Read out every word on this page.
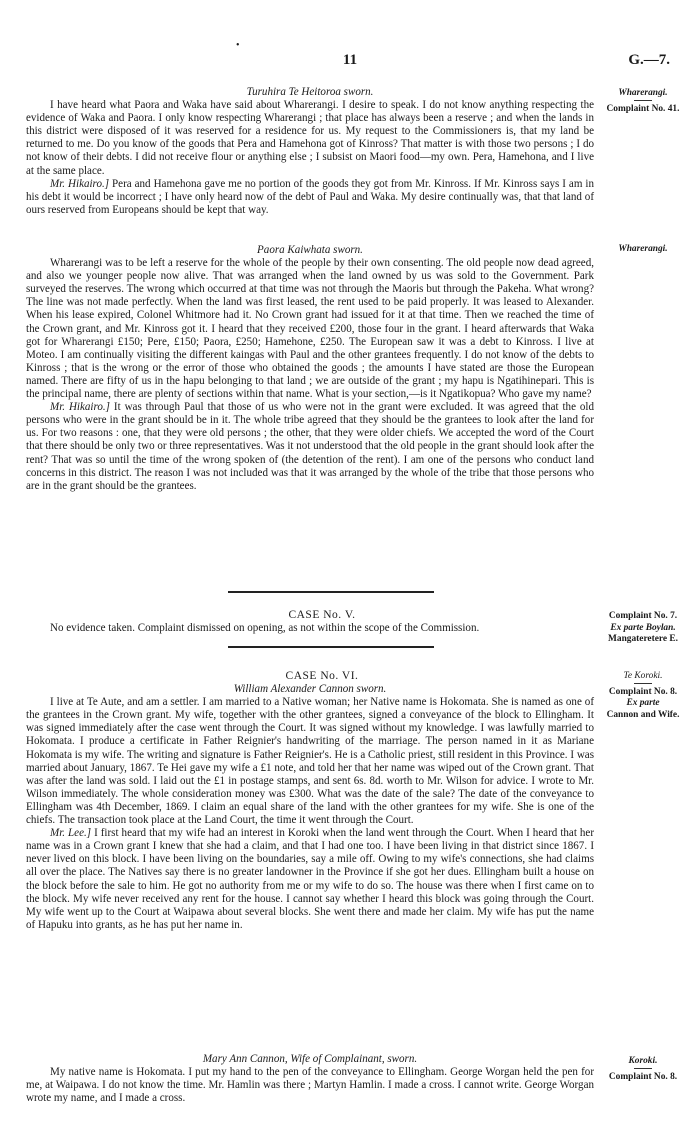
•
11	G.—7.

Turuhira Te Heitoroa sworn.

I have heard what Paora and Waka have said about Wharerangi. I desire to speak. I do not know anything respecting the evidence of Waka and Paora. I only know respecting Wharerangi ; that place has always been a reserve ; and when the lands in this district were disposed of it was reserved for a residence for us. My request to the Commissioners is, that my land be returned to me. Do you know of the goods that Pera and Hamehona got of Kinross? That matter is with those two persons ; I do not know of their debts. I did not receive flour or anything else ; I subsist on Maori food—my own. Pera, Hamehona, and I live at the same place.

Mr. Hikairo.] Pera and Hamehona gave me no portion of the goods they got from Mr. Kinross. If Mr. Kinross says I am in his debt it would be incorrect ; I have only heard now of the debt of Paul and Waka. My desire continually was, that that land of ours reserved from Europeans should be kept that way.

Paora Kaiwhata sworn.

Wharerangi was to be left a reserve for the whole of the people by their own consenting. The old people now dead agreed, and also we younger people now alive. That was arranged when the land owned by us was sold to the Government. Park surveyed the reserves. The wrong which occurred at that time was not through the Maoris but through the Pakeha. What wrong? The line was not made perfectly. When the land was first leased, the rent used to be paid properly. It was leased to Alexander. When his lease expired, Colonel Whitmore had it. No Crown grant had issued for it at that time. Then we reached the time of the Crown grant, and Mr. Kinross got it. I heard that they received £200, those four in the grant. I heard afterwards that Waka got for Wharerangi £150; Pere, £150; Paora, £250; Hamehone, £250. The European saw it was a debt to Kinross. I live at Moteo. I am continually visiting the different kaingas with Paul and the other grantees frequently. I do not know of the debts to Kinross ; that is the wrong or the error of those who obtained the goods ; the amounts I have stated are those the European named. There are fifty of us in the hapu belonging to that land ; we are outside of the grant ; my hapu is Ngatihinepari. This is the principal name, there are plenty of sections within that name. What is your section,—is it Ngatikopua? Who gave my name?

Mr. Hikairo.] It was through Paul that those of us who were not in the grant were excluded. It was agreed that the old persons who were in the grant should be in it. The whole tribe agreed that they should be the grantees to look after the land for us. For two reasons : one, that they were old persons ; the other, that they were older chiefs. We accepted the word of the Court that there should be only two or three representatives. Was it not understood that the old people in the grant should look after the rent? That was so until the time of the wrong spoken of (the detention of the rent). I am one of the persons who conduct land concerns in this district. The reason I was not included was that it was arranged by the whole of the tribe that those persons who are in the grant should be the grantees.

CASE No. V.

No evidence taken. Complaint dismissed on opening, as not within the scope of the Commission.

CASE No. VI.

William Alexander Cannon sworn.

I live at Te Aute, and am a settler. I am married to a Native woman; her Native name is Hokomata. She is named as one of the grantees in the Crown grant. My wife, together with the other grantees, signed a conveyance of the block to Ellingham. It was signed immediately after the case went through the Court. It was signed without my knowledge. I was lawfully married to Hokomata. I produce a certificate in Father Reignier's handwriting of the marriage. The person named in it as Mariane Hokomata is my wife. The writing and signature is Father Reignier's. He is a Catholic priest, still resident in this Province. I was married about January, 1867. Te Hei gave my wife a £1 note, and told her that her name was wiped out of the Crown grant. That was after the land was sold. I laid out the £1 in postage stamps, and sent 6s. 8d. worth to Mr. Wilson for advice. I wrote to Mr. Wilson immediately. The whole consideration money was £300. What was the date of the sale? The date of the conveyance to Ellingham was 4th December, 1869. I claim an equal share of the land with the other grantees for my wife. She is one of the chiefs. The transaction took place at the Land Court, the time it went through the Court.

Mr. Lee.] I first heard that my wife had an interest in Koroki when the land went through the Court. When I heard that her name was in a Crown grant I knew that she had a claim, and that I had one too. I have been living in that district since 1867. I never lived on this block. I have been living on the boundaries, say a mile off. Owing to my wife's connections, she had claims all over the place. The Natives say there is no greater landowner in the Province if she got her dues. Ellingham built a house on the block before the sale to him. He got no authority from me or my wife to do so. The house was there when I first came on to the block. My wife never received any rent for the house. I cannot say whether I heard this block was going through the Court. My wife went up to the Court at Waipawa about several blocks. She went there and made her claim. My wife has put the name of Hapuku into grants, as he has put her name in.

Mary Ann Cannon, Wife of Complainant, sworn.

My native name is Hokomata. I put my hand to the pen of the conveyance to Ellingham. George Worgan held the pen for me, at Waipawa. I do not know the time. Mr. Hamlin was there ; Martyn Hamlin. I made a cross. I cannot write. George Worgan wrote my name, and I made a cross.

Wharerangi.
Complaint No. 41.
Wharerangi.
Complaint No. 7.
Ex parte Boylan.
Mangateretere E.
Te Koroki.
Complaint No. 8.
Ex parte
Cannon and Wife.
Koroki.
Complaint No. 8.
